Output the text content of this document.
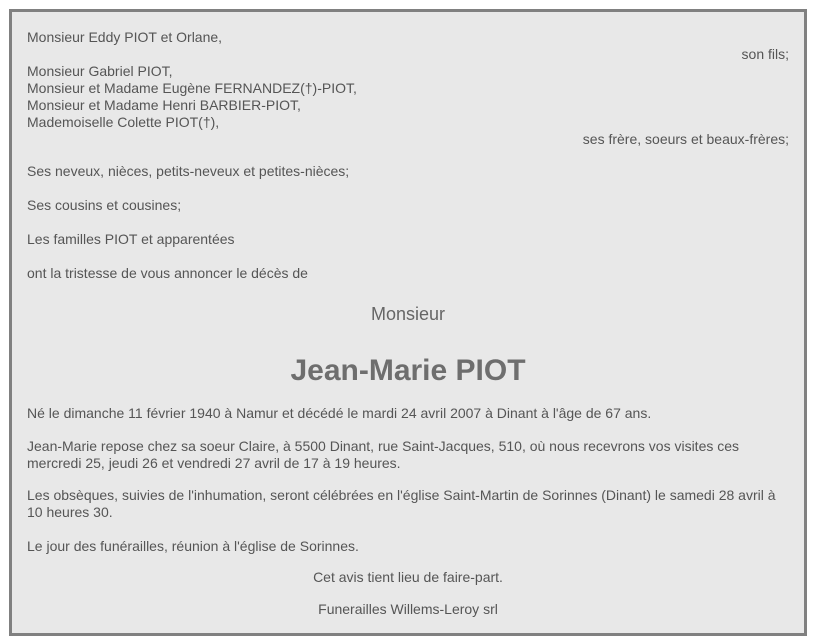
Monsieur Eddy PIOT et Orlane,
son fils;
Monsieur Gabriel PIOT,
Monsieur et Madame Eugène FERNANDEZ(†)-PIOT,
Monsieur et Madame Henri BARBIER-PIOT,
Mademoiselle Colette PIOT(†),
ses frère, soeurs et beaux-frères;
Ses neveux, nièces, petits-neveux et petites-nièces;
Ses cousins et cousines;
Les familles PIOT et apparentées
ont la tristesse de vous annoncer le décès de
Monsieur
Jean-Marie PIOT
Né le dimanche 11 février 1940 à Namur et décédé le mardi 24 avril 2007 à Dinant à l'âge de 67 ans.
Jean-Marie repose chez sa soeur Claire, à 5500 Dinant, rue Saint-Jacques, 510, où nous recevrons vos visites ces mercredi 25, jeudi 26 et vendredi 27 avril de 17 à 19 heures.
Les obsèques, suivies de l'inhumation, seront célébrées en l'église Saint-Martin de Sorinnes (Dinant) le samedi 28 avril à 10 heures 30.
Le jour des funérailles, réunion à l'église de Sorinnes.
Cet avis tient lieu de faire-part.
Funerailles Willems-Leroy srl
